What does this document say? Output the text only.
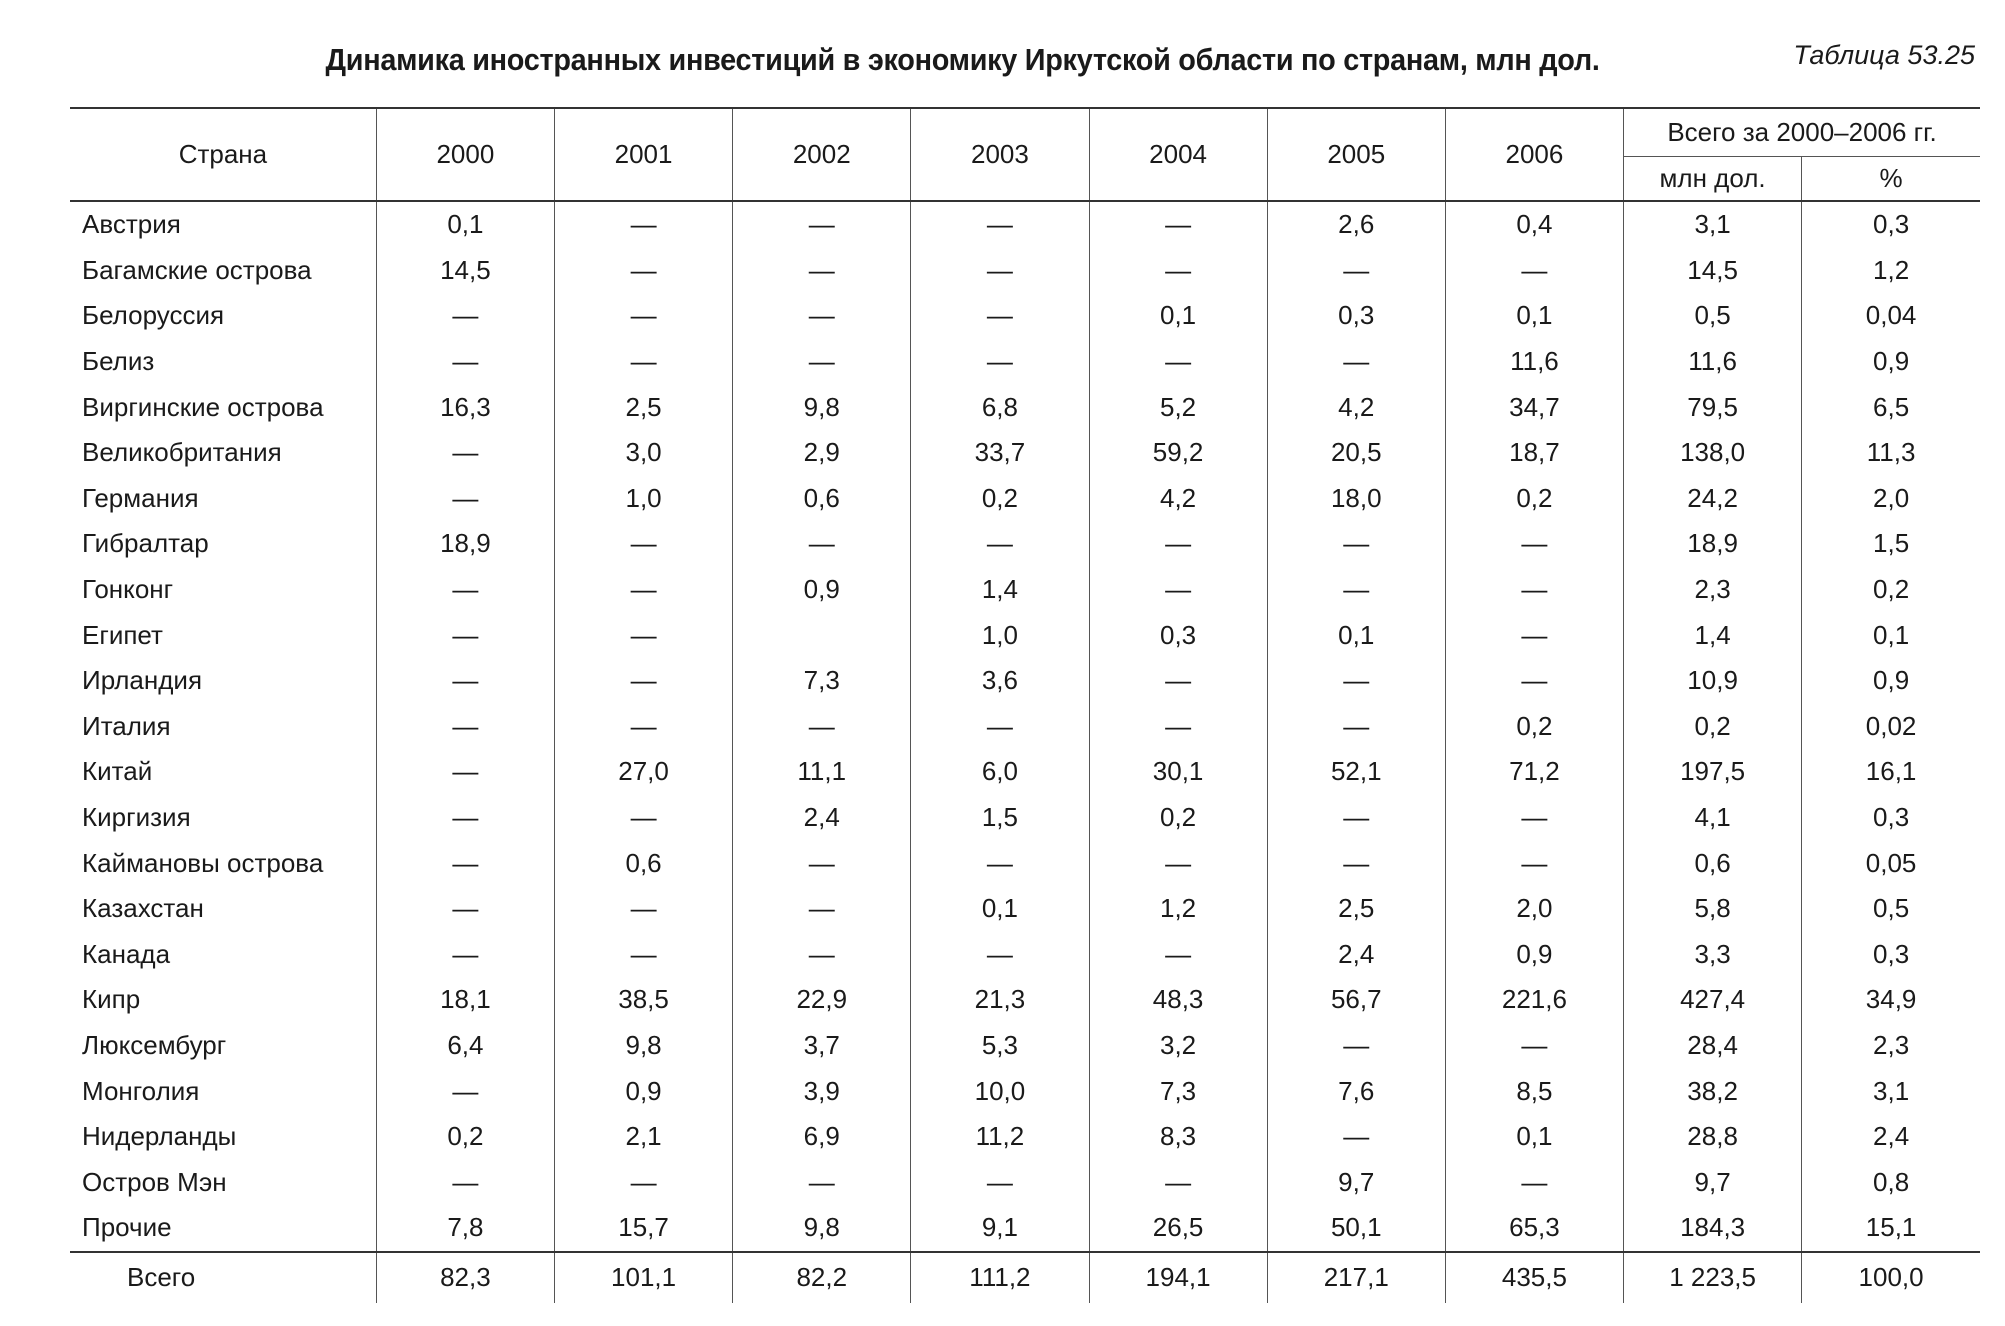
Динамика иностранных инвестиций в экономику Иркутской области по странам, млн дол.	Таблица 53.25
Страна	2000	2001	2002	2003	2004	2005	2006	Всего за 2000–2006 гг.	
								млн дол.	%
Австрия	0,1	—	—	—	—	2,6	0,4	3,1	0,3
Багамские острова	14,5	—	—	—	—	—	—	14,5	1,2
Белоруссия	—	—	—	—	0,1	0,3	0,1	0,5	0,04
Белиз	—	—	—	—	—	—	11,6	11,6	0,9
Виргинские острова	16,3	2,5	9,8	6,8	5,2	4,2	34,7	79,5	6,5
Великобритания	—	3,0	2,9	33,7	59,2	20,5	18,7	138,0	11,3
Германия	—	1,0	0,6	0,2	4,2	18,0	0,2	24,2	2,0
Гибралтар	18,9	—	—	—	—	—	—	18,9	1,5
Гонконг	—	—	0,9	1,4	—	—	—	2,3	0,2
Египет	—	—		1,0	0,3	0,1	—	1,4	0,1
Ирландия	—	—	7,3	3,6	—	—	—	10,9	0,9
Италия	—	—	—	—	—	—	0,2	0,2	0,02
Китай	—	27,0	11,1	6,0	30,1	52,1	71,2	197,5	16,1
Киргизия	—	—	2,4	1,5	0,2	—	—	4,1	0,3
Каймановы острова	—	0,6	—	—	—	—	—	0,6	0,05
Казахстан	—	—	—	0,1	1,2	2,5	2,0	5,8	0,5
Канада	—	—	—	—	—	2,4	0,9	3,3	0,3
Кипр	18,1	38,5	22,9	21,3	48,3	56,7	221,6	427,4	34,9
Люксембург	6,4	9,8	3,7	5,3	3,2	—	—	28,4	2,3
Монголия	—	0,9	3,9	10,0	7,3	7,6	8,5	38,2	3,1
Нидерланды	0,2	2,1	6,9	11,2	8,3	—	0,1	28,8	2,4
Остров Мэн	—	—	—	—	—	9,7	—	9,7	0,8
Прочие	7,8	15,7	9,8	9,1	26,5	50,1	65,3	184,3	15,1
Всего	82,3	101,1	82,2	111,2	194,1	217,1	435,5	1 223,5	100,0
